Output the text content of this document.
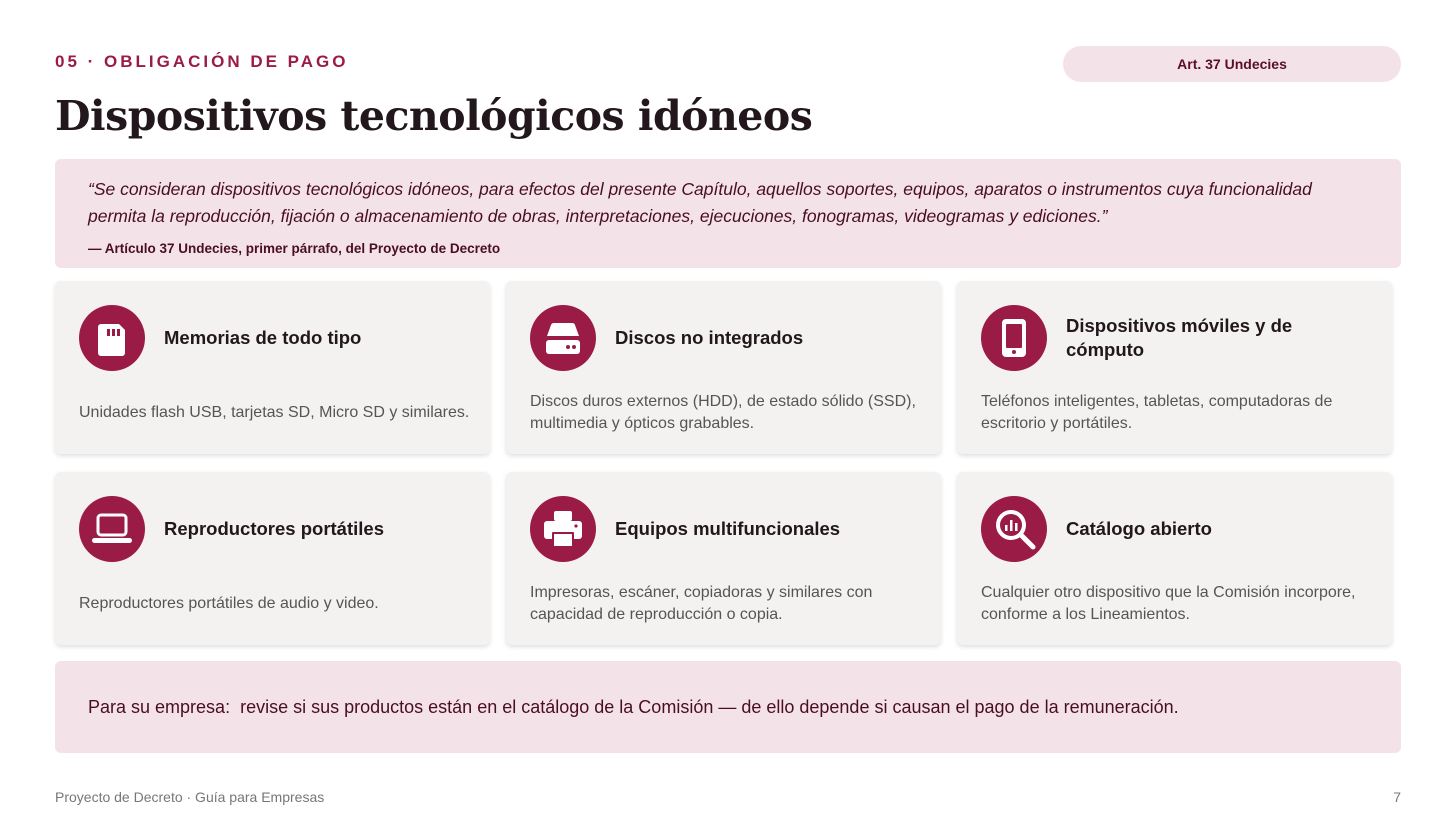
05 · OBLIGACIÓN DE PAGO	Art. 37 Undecies
Dispositivos tecnológicos idóneos

“Se consideran dispositivos tecnológicos idóneos, para efectos del presente Capítulo, aquellos soportes, equipos, aparatos o instrumentos cuya funcionalidad permita la reproducción, fijación o almacenamiento de obras, interpretaciones, ejecuciones, fonogramas, videogramas y ediciones.”

— Artículo 37 Undecies, primer párrafo, del Proyecto de Decreto

Memorias de todo tipo
Unidades flash USB, tarjetas SD, Micro SD y similares.
Discos no integrados
Discos duros externos (HDD), de estado sólido (SSD), multimedia y ópticos grabables.
Dispositivos móviles y de cómputo
Teléfonos inteligentes, tabletas, computadoras de escritorio y portátiles.
Reproductores portátiles
Reproductores portátiles de audio y video.
Equipos multifuncionales
Impresoras, escáner, copiadoras y similares con capacidad de reproducción o copia.
Catálogo abierto
Cualquier otro dispositivo que la Comisión incorpore, conforme a los Lineamientos.
Para su empresa: revise si sus productos están en el catálogo de la Comisión — de ello depende si causan el pago de la remuneración.
Proyecto de Decreto · Guía para Empresas	7
